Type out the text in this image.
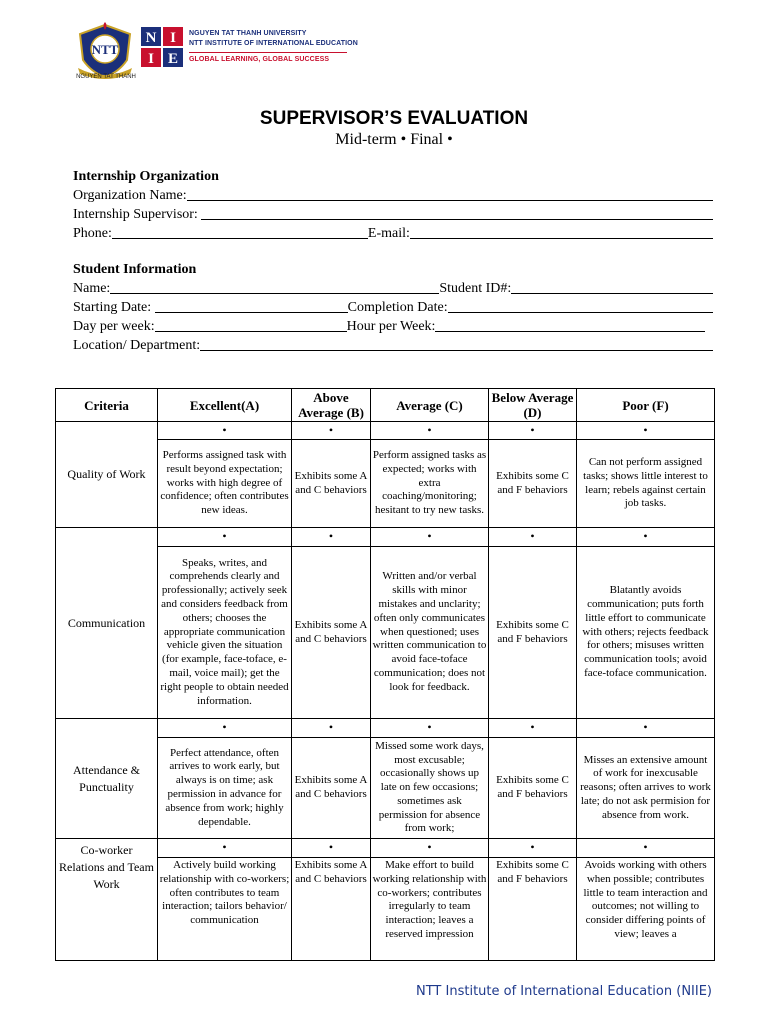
NTT
NGUYEN TAT THANH
N I
I E
NGUYEN TAT THANH UNIVERSITY
NTT INSTITUTE OF INTERNATIONAL EDUCATION
GLOBAL LEARNING, GLOBAL SUCCESS
SUPERVISOR’S EVALUATION
Mid-term • Final •
Internship Organization
Organization Name:
Internship Supervisor:
Phone:	E-mail:
Student Information
Name:	Student ID#:
Starting Date:	Completion Date:
Day per week:	Hour per Week:
Location/ Department:
Criteria	Excellent(A)	Above Average (B)	Average (C)	Below Average (D)	Poor (F)
Quality of Work	•	•	•	•	•
	Performs assigned task with result beyond expectation; works with high degree of confidence; often contributes new ideas.	Exhibits some A and C behaviors	Perform assigned tasks as expected; works with extra coaching/monitoring; hesitant to try new tasks.	Exhibits some C and F behaviors	Can not perform assigned tasks; shows little interest to learn; rebels against certain job tasks.
Communication	•	•	•	•	•
	Speaks, writes, and comprehends clearly and professionally; actively seek and considers feedback from others; chooses the appropriate communication vehicle given the situation (for example, face-toface, e-mail, voice mail); get the right people to obtain needed information.	Exhibits some A and C behaviors	Written and/or verbal skills with minor mistakes and unclarity; often only communicates when questioned; uses written communication to avoid face-toface communication; does not look for feedback.	Exhibits some C and F behaviors	Blatantly avoids communication; puts forth little effort to communicate with others; rejects feedback for others; misuses written communication tools; avoid face-toface communication.
Attendance & Punctuality	•	•	•	•	•
	Perfect attendance, often arrives to work early, but always is on time; ask permission in advance for absence from work; highly dependable.	Exhibits some A and C behaviors	Missed some work days, most excusable; occasionally shows up late on few occasions; sometimes ask permission for absence from work;	Exhibits some C and F behaviors	Misses an extensive amount of work for inexcusable reasons; often arrives to work late; do not ask permision for absence from work.
Co-worker Relations and Team Work	•	•	•	•	•

	Actively build working relationship with co-workers; often contributes to team interaction; tailors behavior/ communication	Exhibits some A and C behaviors	Make effort to build working relationship with co-workers; contributes irregularly to team interaction; leaves a reserved impression	Exhibits some C and F behaviors	Avoids working with others when possible; contributes little to team interaction and outcomes; not willing to consider differing points of view; leaves a
NTT Institute of International Education (NIIE)
